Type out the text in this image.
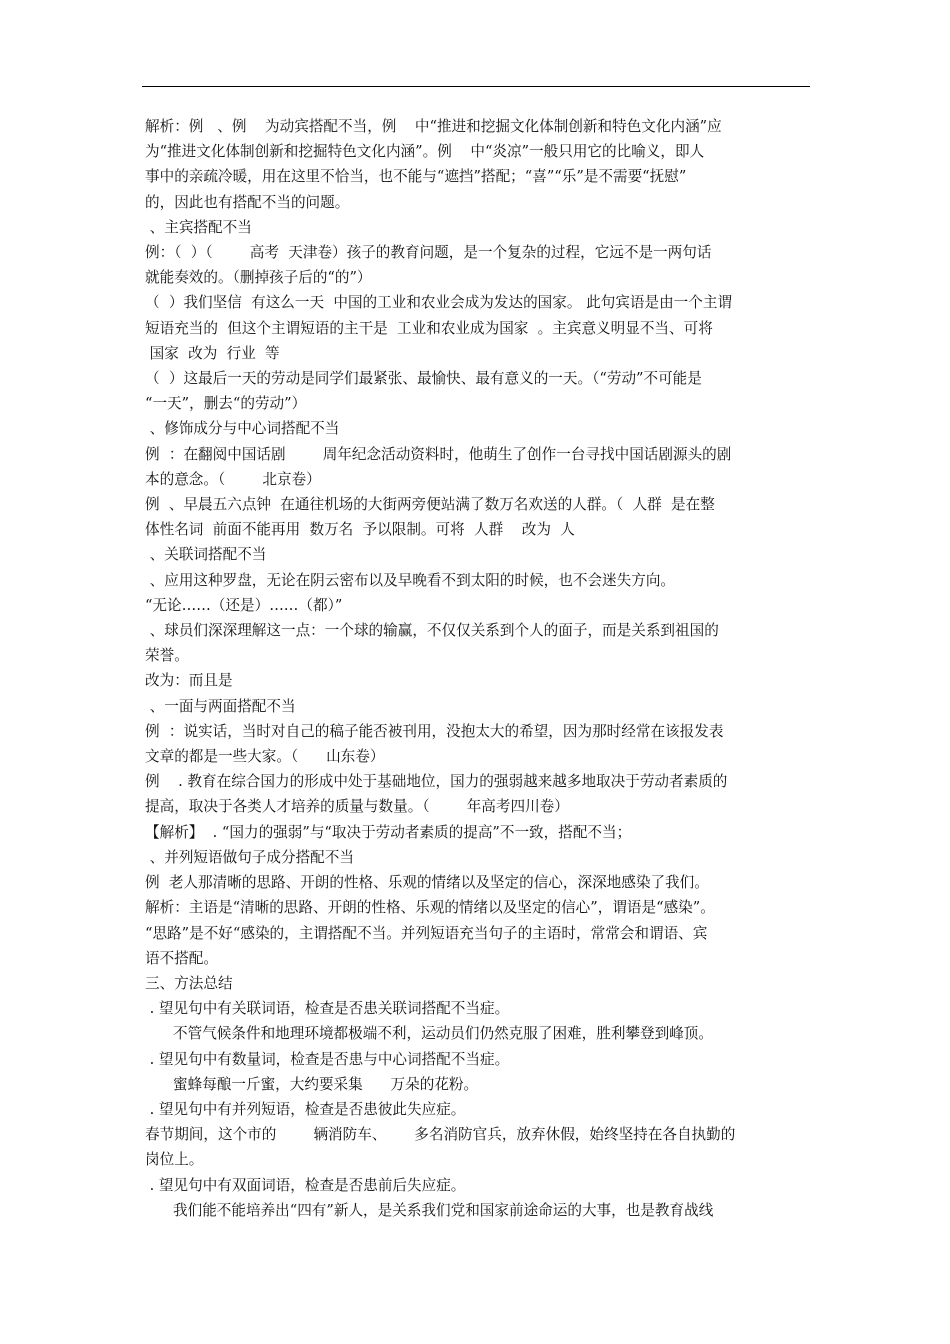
解析：例   、例    为动宾搭配不当，例    中“推进和挖掘文化体制创新和特色文化内涵”应

为“推进文化体制创新和挖掘特色文化内涵”。例    中“炎凉”一般只用它的比喻义，即人

事中的亲疏冷暖，用在这里不恰当，也不能与“遮挡”搭配；“喜”“乐”是不需要“抚慰”

的，因此也有搭配不当的问题。

、主宾搭配不当

例：（  ）（        高考  天津卷）孩子的教育问题，是一个复杂的过程，它远不是一两句话

就能奏效的。（删掉孩子后的“的”）

（  ）我们坚信  有这么一天  中国的工业和农业会成为发达的国家。 此句宾语是由一个主谓

短语充当的  但这个主谓短语的主干是  工业和农业成为国家  。主宾意义明显不当、可将

国家  改为  行业  等

（  ）这最后一天的劳动是同学们最紧张、最愉快、最有意义的一天。（“劳动”不可能是

“一天”，删去“的劳动”）

、修饰成分与中心词搭配不当

例  ：在翻阅中国话剧        周年纪念活动资料时，他萌生了创作一台寻找中国话剧源头的剧

本的意念。（        北京卷）

例  、早晨五六点钟  在通往机场的大街两旁便站满了数万名欢送的人群。（  人群  是在整

体性名词  前面不能再用  数万名  予以限制。可将  人群    改为  人

、关联词搭配不当

、应用这种罗盘，无论在阴云密布以及早晚看不到太阳的时候，也不会迷失方向。

“无论……（还是）……（都）”

、球员们深深理解这一点：一个球的输赢，不仅仅关系到个人的面子，而是关系到祖国的

荣誉。

改为：而且是

、一面与两面搭配不当

例  ：说实话，当时对自己的稿子能否被刊用，没抱太大的希望，因为那时经常在该报发表

文章的都是一些大家。（      山东卷）

例    . 教育在综合国力的形成中处于基础地位，国力的强弱越来越多地取决于劳动者素质的

提高，取决于各类人才培养的质量与数量。（        年高考四川卷）

【解析】  . “国力的强弱”与“取决于劳动者素质的提高”不一致，搭配不当；

、并列短语做句子成分搭配不当

例  老人那清晰的思路、开朗的性格、乐观的情绪以及坚定的信心，深深地感染了我们。

解析：主语是“清晰的思路、开朗的性格、乐观的情绪以及坚定的信心”，谓语是“感染”。

“思路”是不好“感染的，主谓搭配不当。并列短语充当句子的主语时，常常会和谓语、宾

语不搭配。

三、方法总结

. 望见句中有关联词语，检查是否患关联词搭配不当症。

不管气候条件和地理环境都极端不利，运动员们仍然克服了困难，胜利攀登到峰顶。

. 望见句中有数量词，检查是否患与中心词搭配不当症。

蜜蜂每酿一斤蜜，大约要采集      万朵的花粉。

. 望见句中有并列短语，检查是否患彼此失应症。

春节期间，这个市的        辆消防车、      多名消防官兵，放弃休假，始终坚持在各自执勤的

岗位上。

. 望见句中有双面词语，检查是否患前后失应症。

我们能不能培养出“四有”新人，是关系我们党和国家前途命运的大事，也是教育战线
